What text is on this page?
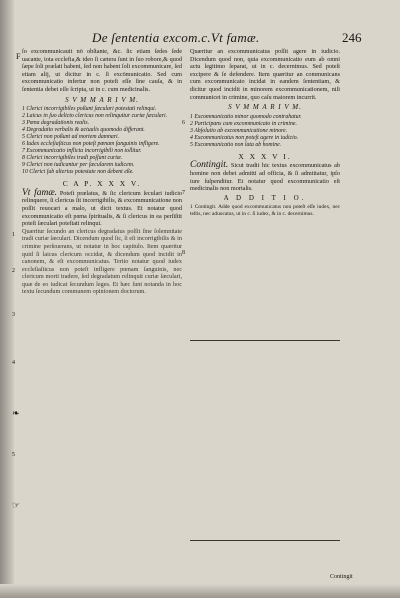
De ſententia excom.c.Vt famæ.	246
F

ſo excommunicauit nō obſtante, &c. ſic etiam ſedes ſede uacante, tota ecclefia,& ideo ſi cætera ſunt in ſuo robore,& quod ſæpe ſoli prælati habent, ſed non habent ſoli excommunicare, ſed etiam alij, ut dicitur in c. ſi excōmunicatio. Sed cum excommunicatio infertur non poteſt eſſe ſine cauſa, & in ſententia debet eſſe ſcripta, ut in c. cum medicinalis.

S V M M A R I V M.
1 Clerici incorrigibiles poßunt ſæculari potestati relinqui.
2 Laicus in ſuo delicto clericus non relinquitur curiæ ſæculari.
3 Pœna degradationis realis.
4 Degradatio verbalis & actualis quomodo differant.
5 Clerici non poßunt ad mortem damnari.
6 Iudex eccleſiaſticus non poteſt pœnam ſanguinis infligere.
7 Excommunicatio inflicta incorrigibili non tollitur.
8 Clerici incorrigibiles tradi poſſunt curiæ.
9 Clerici non iudicantur per ſæcularem iudicem.
10 Clerici ſub alterius potestate non debent eße.
C A P. X X X V.

Vt famæ. Poteſt prælatus, & ſic clericum ſeculari iudicio relinquere, ſi clericus ſit incorrigibilis, & excommunicatione non poſſit reuocari a malo, ut dicit textus. Et notatur quod excommunicatio eſt pœna ſpiritualis, & ſi clericus in ea perſiſtit poteſt ſæculari poteſtati relinqui.

Quæritur ſecundo an clericus degradatus poſſit ſine ſolemnitate tradi curiæ ſæculari. Dicendum quod ſic, ſi eſt incorrigibilis & in crimine perſeuerans, ut notatur in hoc capitulo. Item quæritur quid ſi laicus clericum occidat, & dicendum quod incidit in canonem, & eſt excommunicatus. Tertio notatur quod iudex eccleſiaſticus non poteſt infligere pœnam ſanguinis, nec clericum morti tradere, ſed degradatum relinquit curiæ ſæculari, quæ de eo iudicat ſecundum leges. Et hæc ſunt notanda in hoc textu ſecundum communem opinionem doctorum.

Quæritur an excommunicatus poſſit agere in iudicio. Dicendum quod non, quia excommunicatio eum ab omni actu legitimo ſeparat, ut in c. decernimus. Sed poteſt excipere & ſe defendere. Item quæritur an communicans cum excommunicato incidat in eandem ſententiam, & dicitur quod incidit in minorem excommunicationem, niſi communicet in crimine, quo caſu maiorem incurrit.

S V M M A R I V M.
1 Excommunicatio minor quomodo contrahatur.
2 Participans cum excommunicato in crimine.
3 Abſolutio ab excommunicatione minore.
4 Excommunicatus non poteſt agere in iudicio.
5 Excommunicatio non lata ab homine.
X X X V I.

Contingit. Sicut tradit hic textus excommunicatus ab homine non debet admitti ad officia, & ſi admittatur, ipſo iure ſuſpenditur. Et notatur quod excommunicatio eſt medicinalis non mortalis.

A D D I T I O.

1 Contingit. Adde quod excommunicatus non poteſt eſſe iudex, nec teſtis, nec aduocatus, ut in c. ſi iudex, & in c. decernimus.

1
2
3
4
❧
5
☞
6
7
8
Contingit
